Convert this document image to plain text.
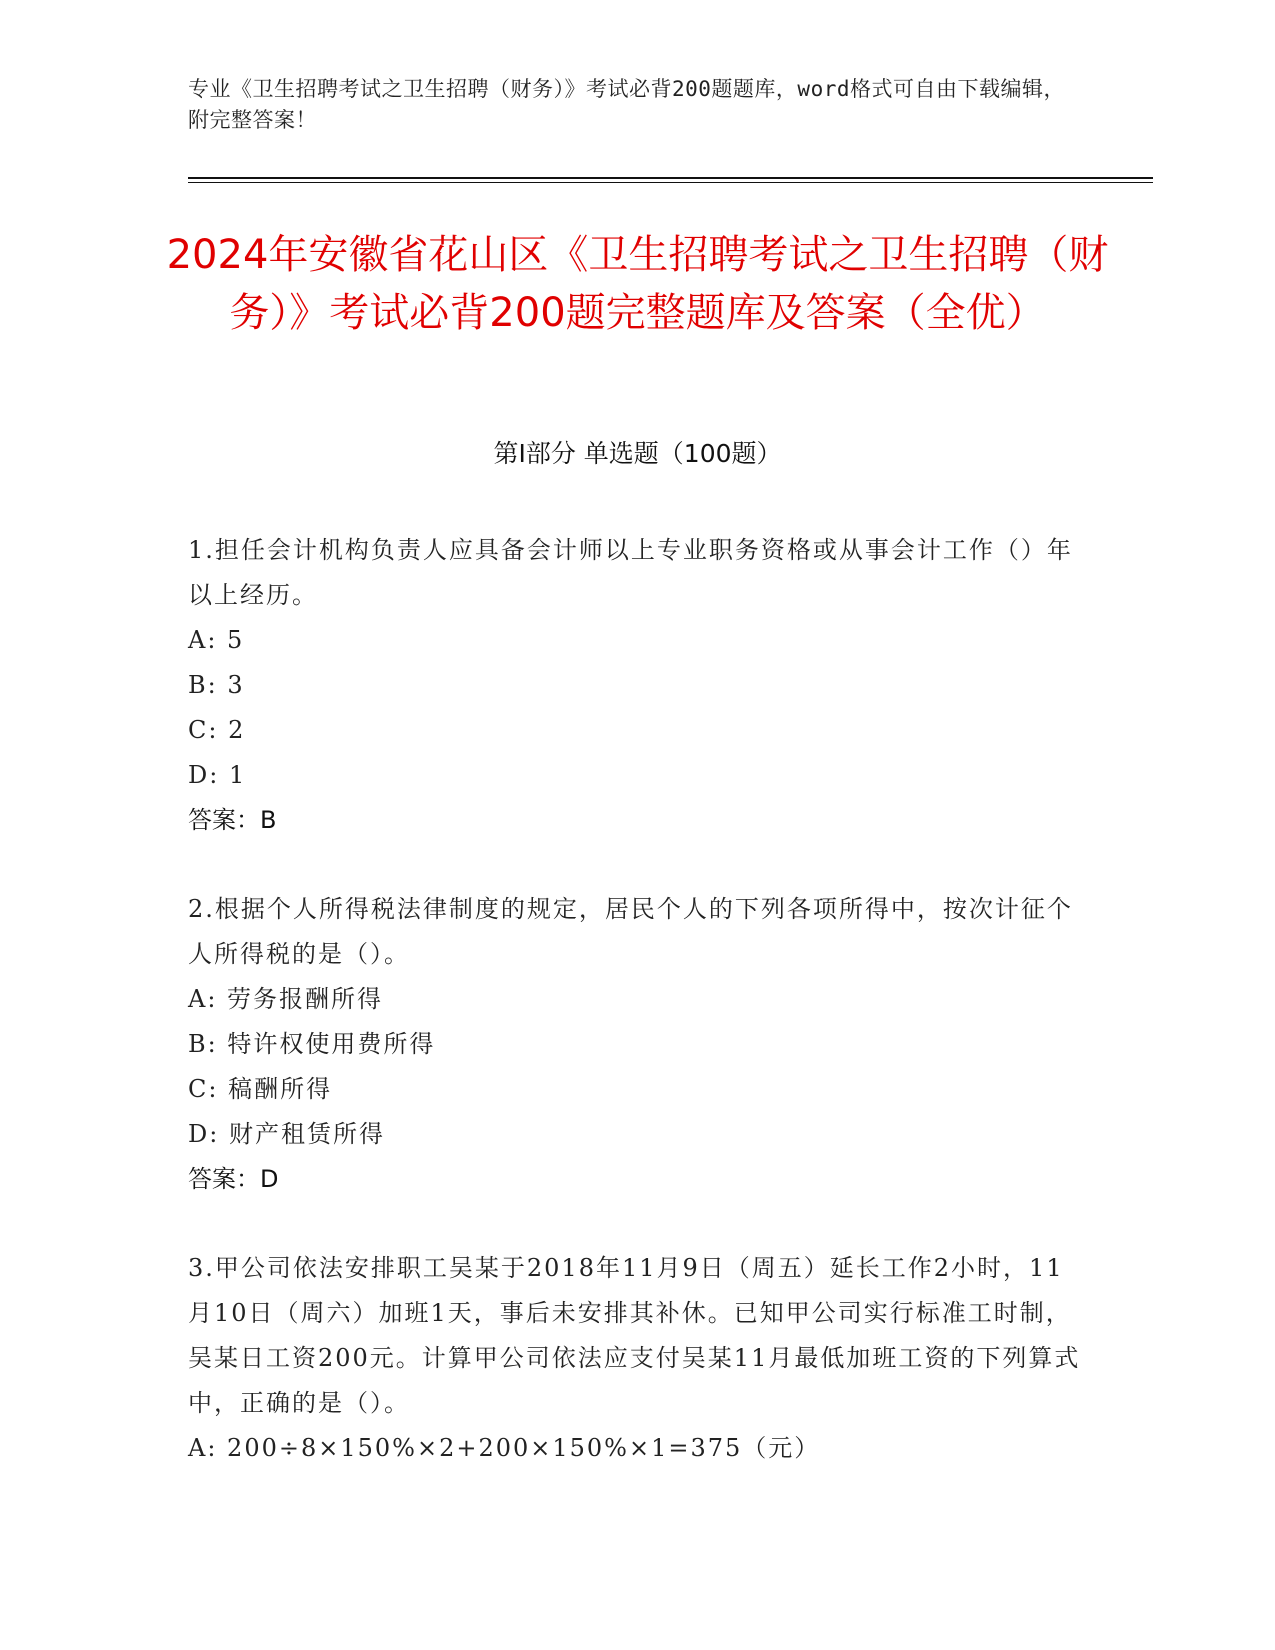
专业《卫生招聘考试之卫生招聘（财务）》考试必背200题题库，word格式可自由下载编辑，附完整答案！
2024年安徽省花山区《卫生招聘考试之卫生招聘（财务）》考试必背200题完整题库及答案（全优）
第I部分 单选题（100题）
1.担任会计机构负责人应具备会计师以上专业职务资格或从事会计工作（）年以上经历。
A: 5
B: 3
C: 2
D: 1
答案：B
2.根据个人所得税法律制度的规定，居民个人的下列各项所得中，按次计征个人所得税的是（）。
A: 劳务报酬所得
B: 特许权使用费所得
C: 稿酬所得
D: 财产租赁所得
答案：D
3.甲公司依法安排职工吴某于2018年11月9日（周五）延长工作2小时，11月10日（周六）加班1天，事后未安排其补休。已知甲公司实行标准工时制，吴某日工资200元。计算甲公司依法应支付吴某11月最低加班工资的下列算式中，正确的是（）。
A: 200÷8×150%×2+200×150%×1=375（元）
